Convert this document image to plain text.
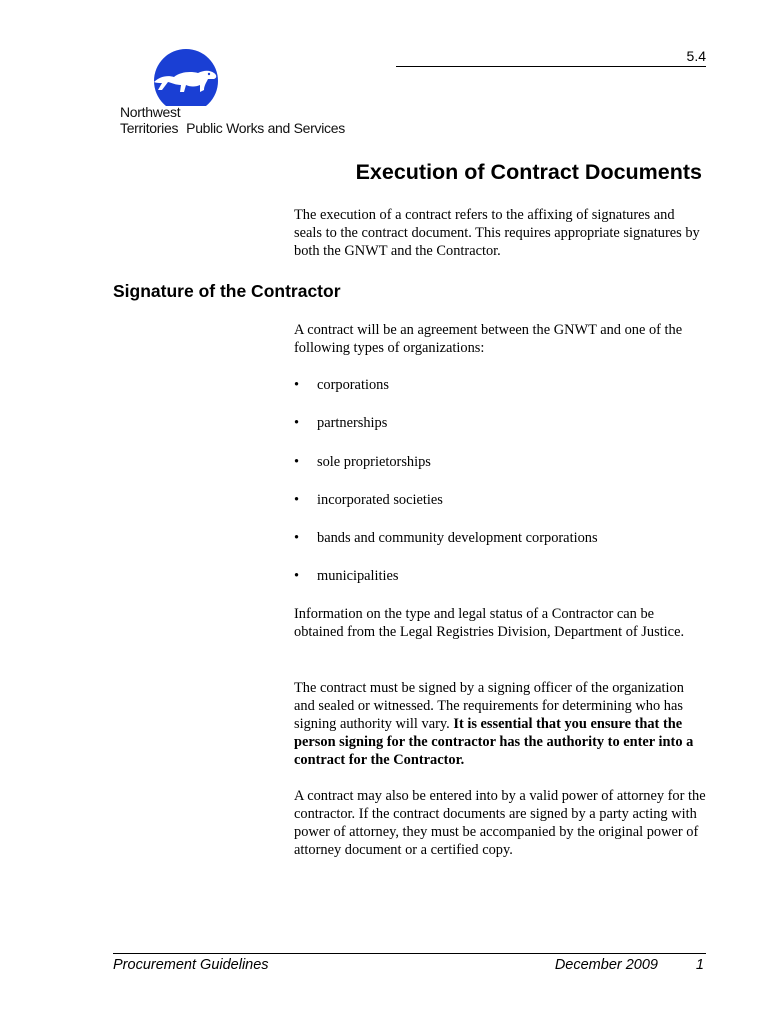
5.4
Northwest
Territories Public Works and Services
Execution of Contract Documents
The execution of a contract refers to the affixing of signatures and seals to the contract document. This requires appropriate signatures by both the GNWT and the Contractor.
Signature of the Contractor
A contract will be an agreement between the GNWT and one of the following types of organizations:
• corporations
• partnerships
• sole proprietorships
• incorporated societies
• bands and community development corporations
• municipalities
Information on the type and legal status of a Contractor can be obtained from the Legal Registries Division, Department of Justice.
The contract must be signed by a signing officer of the organization and sealed or witnessed. The requirements for determining who has signing authority will vary. It is essential that you ensure that the person signing for the contractor has the authority to enter into a contract for the Contractor.
A contract may also be entered into by a valid power of attorney for the contractor. If the contract documents are signed by a party acting with power of attorney, they must be accompanied by the original power of attorney document or a certified copy.
Procurement Guidelines	December 2009	1
